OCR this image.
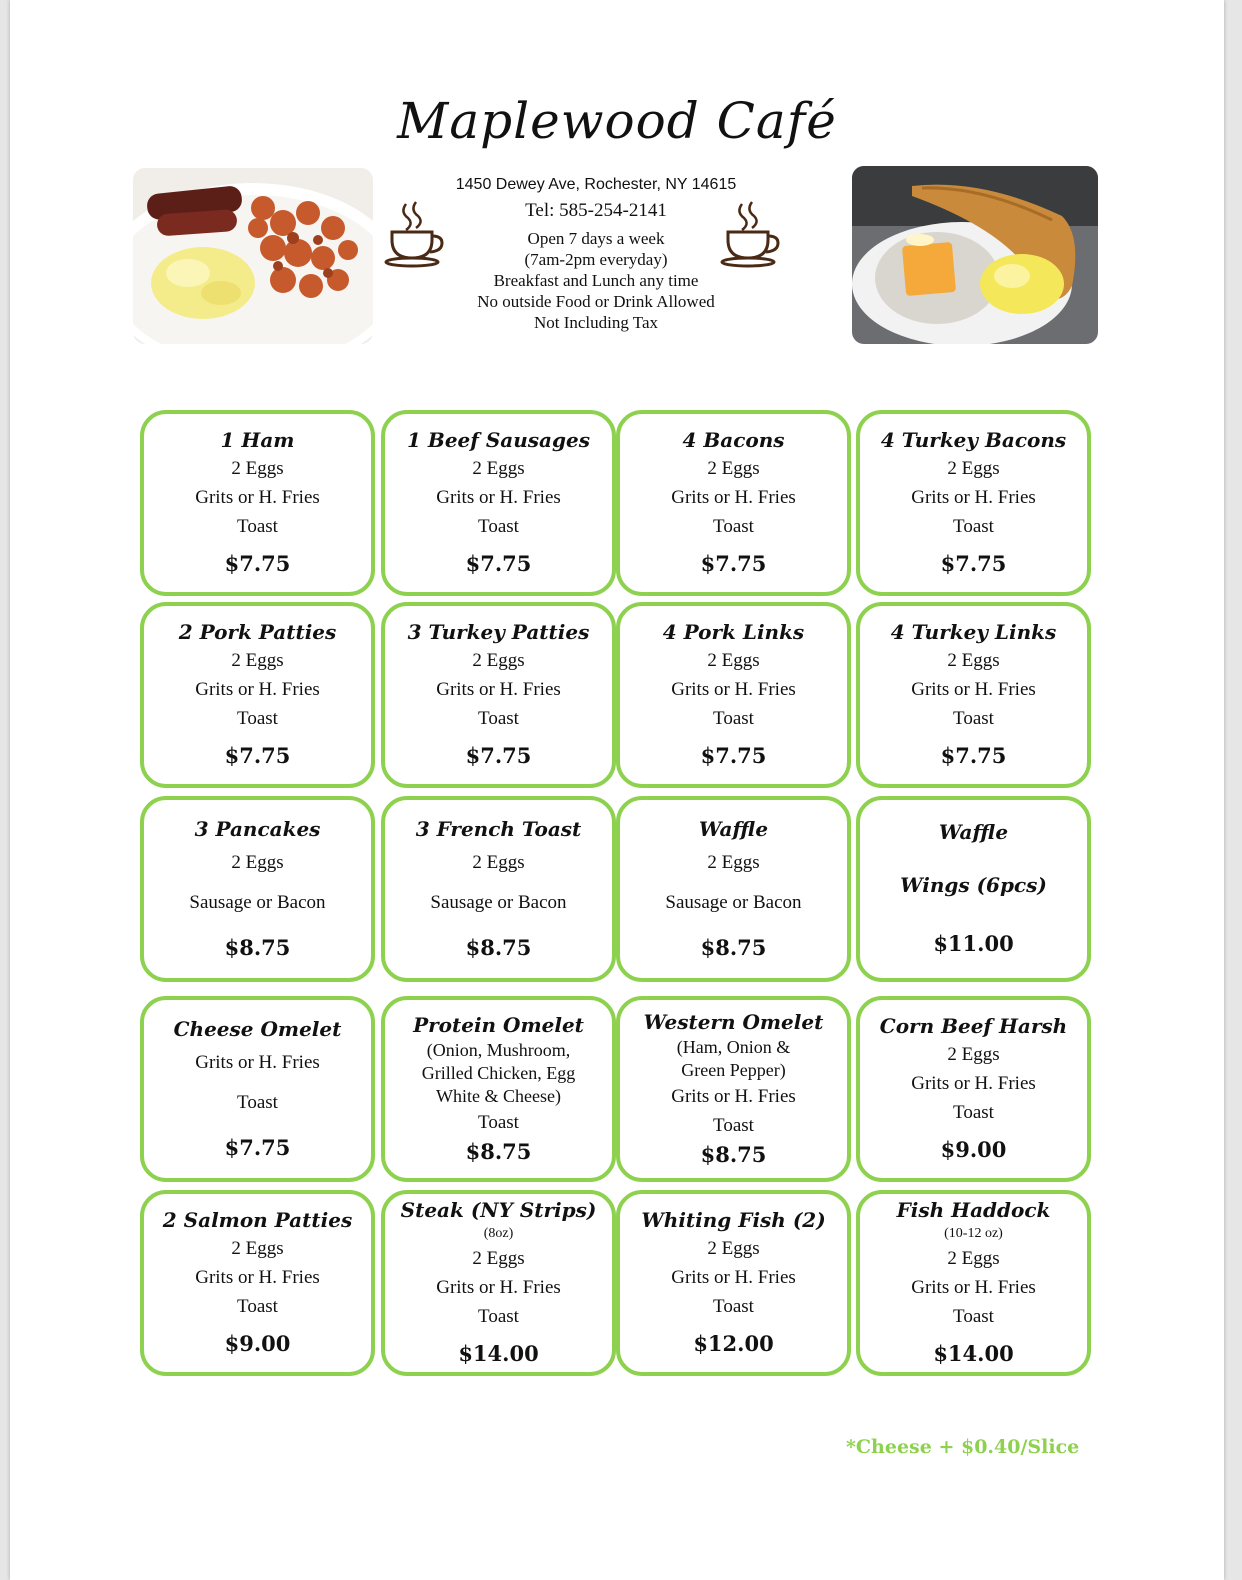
Maplewood Café
1450 Dewey Ave, Rochester, NY 14615
Tel: 585-254-2141
Open 7 days a week
(7am-2pm everyday)
Breakfast and Lunch any time
No outside Food or Drink Allowed
Not Including Tax
1 Ham
2 Eggs
Grits or H. Fries
Toast
$7.75
1 Beef Sausages
2 Eggs
Grits or H. Fries
Toast
$7.75
4 Bacons
2 Eggs
Grits or H. Fries
Toast
$7.75
4 Turkey Bacons
2 Eggs
Grits or H. Fries
Toast
$7.75
2 Pork Patties
2 Eggs
Grits or H. Fries
Toast
$7.75
3 Turkey Patties
2 Eggs
Grits or H. Fries
Toast
$7.75
4 Pork Links
2 Eggs
Grits or H. Fries
Toast
$7.75
4 Turkey Links
2 Eggs
Grits or H. Fries
Toast
$7.75
3 Pancakes
2 Eggs
Sausage or Bacon
$8.75
3 French Toast
2 Eggs
Sausage or Bacon
$8.75
Waffle
2 Eggs
Sausage or Bacon
$8.75
Waffle
Wings (6pcs)
$11.00
Cheese Omelet
Grits or H. Fries
Toast
$7.75
Protein Omelet
(Onion, Mushroom,
Grilled Chicken, Egg
White & Cheese)
Toast
$8.75
Western Omelet
(Ham, Onion &
Green Pepper)
Grits or H. Fries
Toast
$8.75
Corn Beef Harsh
2 Eggs
Grits or H. Fries
Toast
$9.00
2 Salmon Patties
2 Eggs
Grits or H. Fries
Toast
$9.00
Steak (NY Strips)
(8oz)
2 Eggs
Grits or H. Fries
Toast
$14.00
Whiting Fish (2)
2 Eggs
Grits or H. Fries
Toast
$12.00
Fish Haddock
(10-12 oz)
2 Eggs
Grits or H. Fries
Toast
$14.00
*Cheese + $0.40/Slice
